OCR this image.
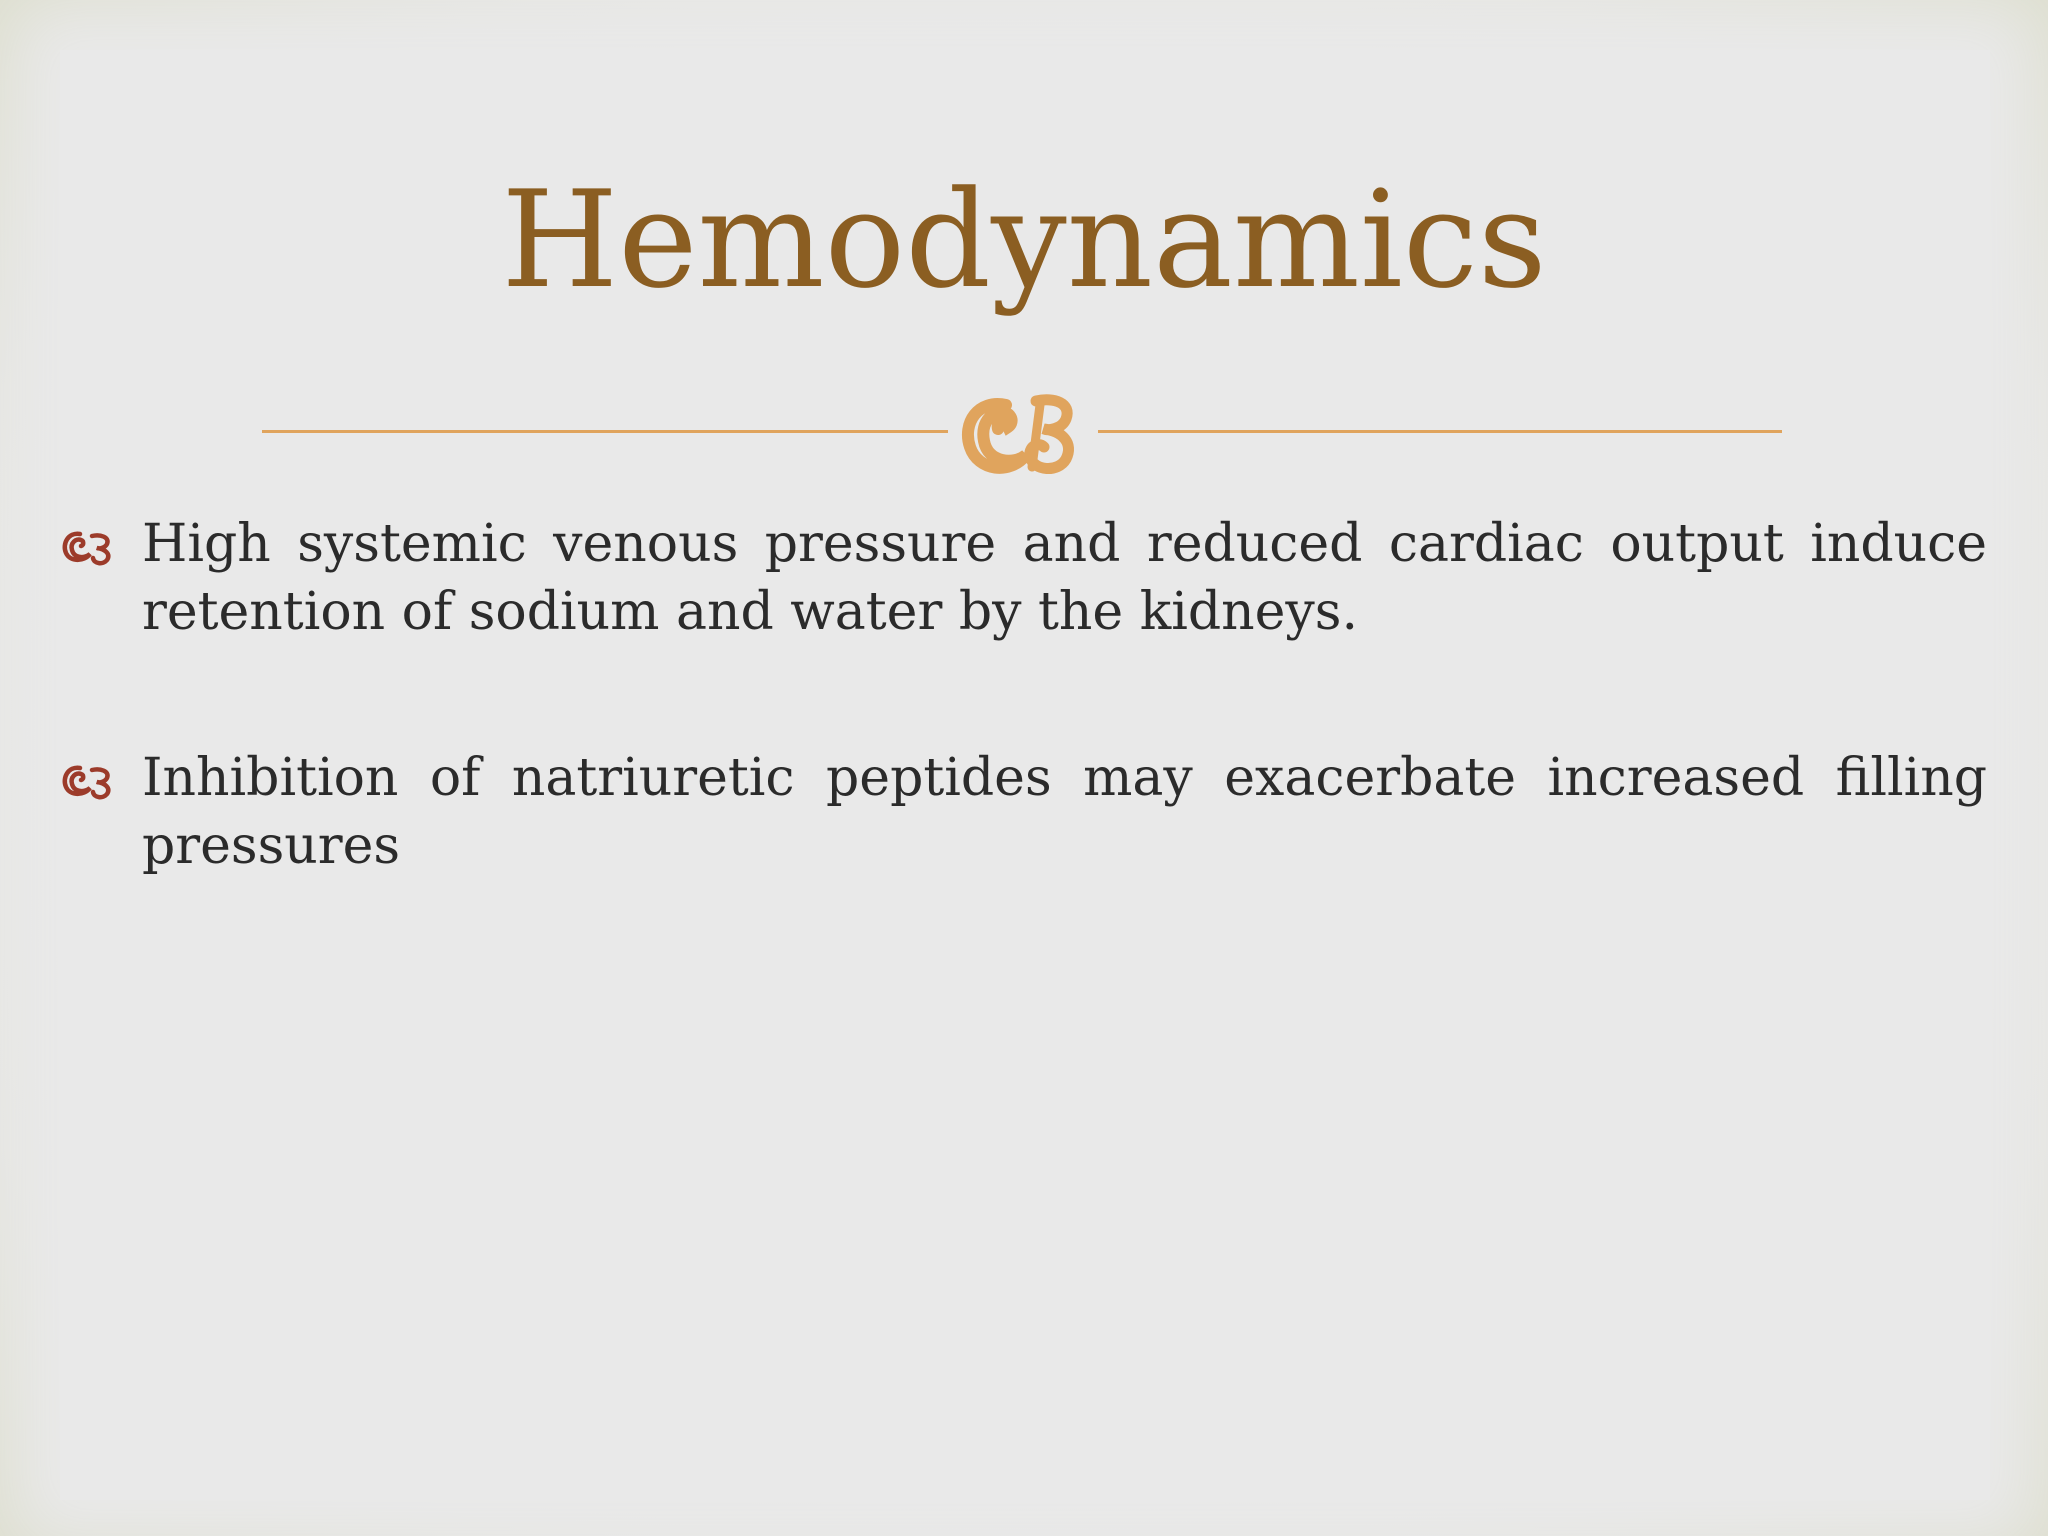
Hemodynamics
High systemic venous pressure and reduced cardiac output induce retention of sodium and water by the kidneys.
Inhibition of natriuretic peptides may exacerbate increased filling pressures
